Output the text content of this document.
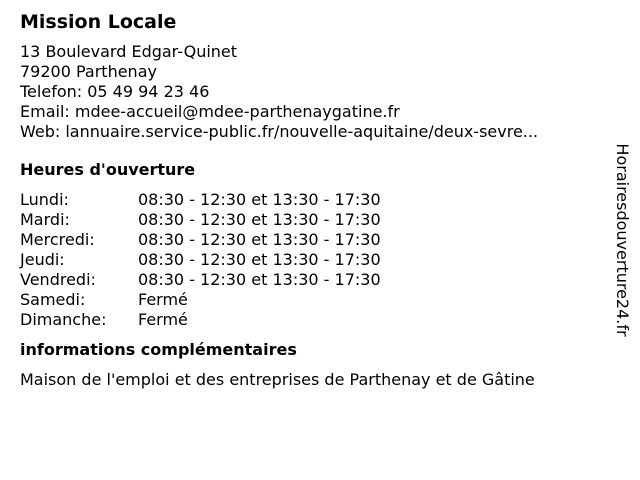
Mission Locale
13 Boulevard Edgar-Quinet
79200 Parthenay
Telefon: 05 49 94 23 46
Email: mdee-accueil@mdee-parthenaygatine.fr
Web: lannuaire.service-public.fr/nouvelle-aquitaine/deux-sevre...
Heures d'ouverture
Lundi:	08:30 - 12:30 et 13:30 - 17:30
Mardi:	08:30 - 12:30 et 13:30 - 17:30
Mercredi:	08:30 - 12:30 et 13:30 - 17:30
Jeudi:	08:30 - 12:30 et 13:30 - 17:30
Vendredi:	08:30 - 12:30 et 13:30 - 17:30
Samedi:	Fermé
Dimanche:	Fermé
informations complémentaires
Maison de l'emploi et des entreprises de Parthenay et de Gâtine
Horairesdouverture24.fr
